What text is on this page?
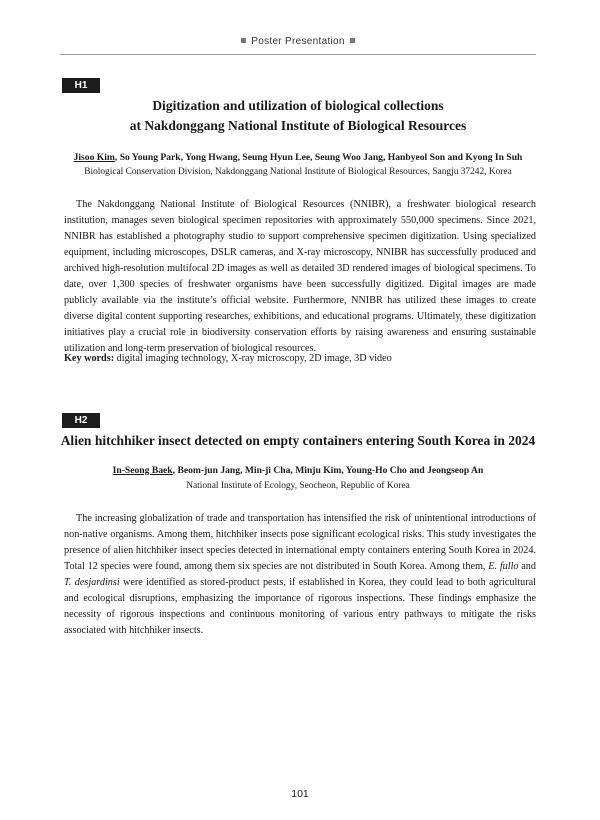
Poster Presentation
H1
Digitization and utilization of biological collections
at Nakdonggang National Institute of Biological Resources
Jisoo Kim, So Young Park, Yong Hwang, Seung Hyun Lee, Seung Woo Jang, Hanbyeol Son and Kyong In Suh
Biological Conservation Division, Nakdonggang National Institute of Biological Resources, Sangju 37242, Korea

The Nakdonggang National Institute of Biological Resources (NNIBR), a freshwater biological research institution, manages seven biological specimen repositories with approximately 550,000 specimens. Since 2021, NNIBR has established a photography studio to support comprehensive specimen digitization. Using specialized equipment, including microscopes, DSLR cameras, and X-ray microscopy, NNIBR has successfully produced and archived high-resolution multifocal 2D images as well as detailed 3D rendered images of biological specimens. To date, over 1,300 species of freshwater organisms have been successfully digitized. Digital images are made publicly available via the institute’s official website. Furthermore, NNIBR has utilized these images to create diverse digital content supporting researches, exhibitions, and educational programs. Ultimately, these digitization initiatives play a crucial role in biodiversity conservation efforts by raising awareness and ensuring sustainable utilization and long-term preservation of biological resources.

Key words: digital imaging technology, X-ray microscopy, 2D image, 3D video
H2
Alien hitchhiker insect detected on empty containers entering South Korea in 2024
In-Seong Baek, Beom-jun Jang, Min-ji Cha, Minju Kim, Young-Ho Cho and Jeongseop An
National Institute of Ecology, Seocheon, Republic of Korea

The increasing globalization of trade and transportation has intensified the risk of unintentional introductions of non-native organisms. Among them, hitchhiker insects pose significant ecological risks. This study investigates the presence of alien hitchhiker insect species detected in international empty containers entering South Korea in 2024. Total 12 species were found, among them six species are not distributed in South Korea. Among them, E. fullo and T. desjardinsi were identified as stored-product pests, if established in Korea, they could lead to both agricultural and ecological disruptions, emphasizing the importance of rigorous inspections. These findings emphasize the necessity of rigorous inspections and continuous monitoring of various entry pathways to mitigate the risks associated with hitchhiker insects.

101
